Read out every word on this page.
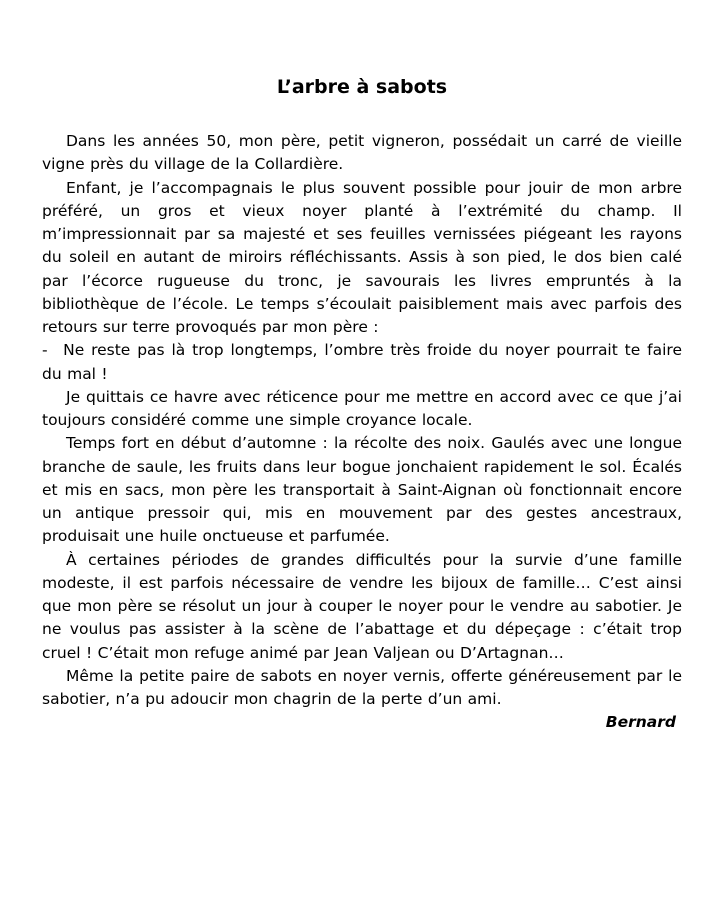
L’arbre à sabots

Dans les années 50, mon père, petit vigneron, possédait un carré de vieille vigne près du village de la Collardière.

Enfant, je l’accompagnais le plus souvent possible pour jouir de mon arbre préféré, un gros et vieux noyer planté à l’extrémité du champ. Il m’impressionnait par sa majesté et ses feuilles vernissées piégeant les rayons du soleil en autant de miroirs réfléchissants. Assis à son pied, le dos bien calé par l’écorce rugueuse du tronc, je savourais les livres empruntés à la bibliothèque de l’école. Le temps s’écoulait paisiblement mais avec parfois des retours sur terre provoqués par mon père :

- Ne reste pas là trop longtemps, l’ombre très froide du noyer pourrait te faire du mal !

Je quittais ce havre avec réticence pour me mettre en accord avec ce que j’ai toujours considéré comme une simple croyance locale.

Temps fort en début d’automne : la récolte des noix. Gaulés avec une longue branche de saule, les fruits dans leur bogue jonchaient rapidement le sol. Écalés et mis en sacs, mon père les transportait à Saint-Aignan où fonctionnait encore un antique pressoir qui, mis en mouvement par des gestes ancestraux, produisait une huile onctueuse et parfumée.

À certaines périodes de grandes difficultés pour la survie d’une famille modeste, il est parfois nécessaire de vendre les bijoux de famille… C’est ainsi que mon père se résolut un jour à couper le noyer pour le vendre au sabotier. Je ne voulus pas assister à la scène de l’abattage et du dépeçage : c’était trop cruel ! C’était mon refuge animé par Jean Valjean ou D’Artagnan…

Même la petite paire de sabots en noyer vernis, offerte généreusement par le sabotier, n’a pu adoucir mon chagrin de la perte d’un ami.

Bernard
